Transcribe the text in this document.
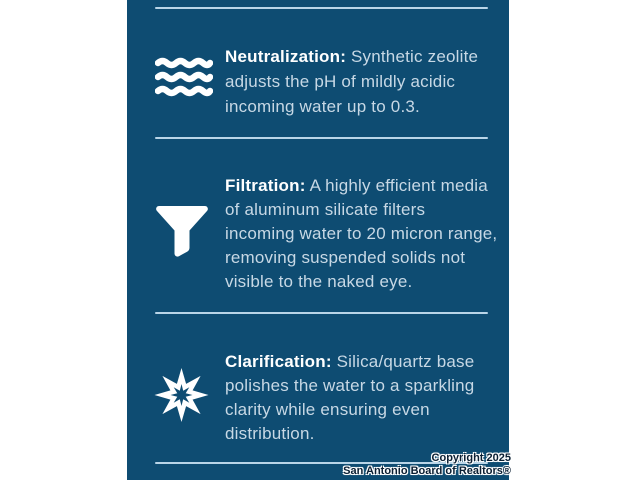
Neutralization: Synthetic zeolite
adjusts the pH of mildly acidic
incoming water up to 0.3.
Filtration: A highly efficient media
of aluminum silicate filters
incoming water to 20 micron range,
removing suspended solids not
visible to the naked eye.
Clarification: Silica/quartz base
polishes the water to a sparkling
clarity while ensuring even
distribution.
Copyright 2025
San Antonio Board of Realtors®
